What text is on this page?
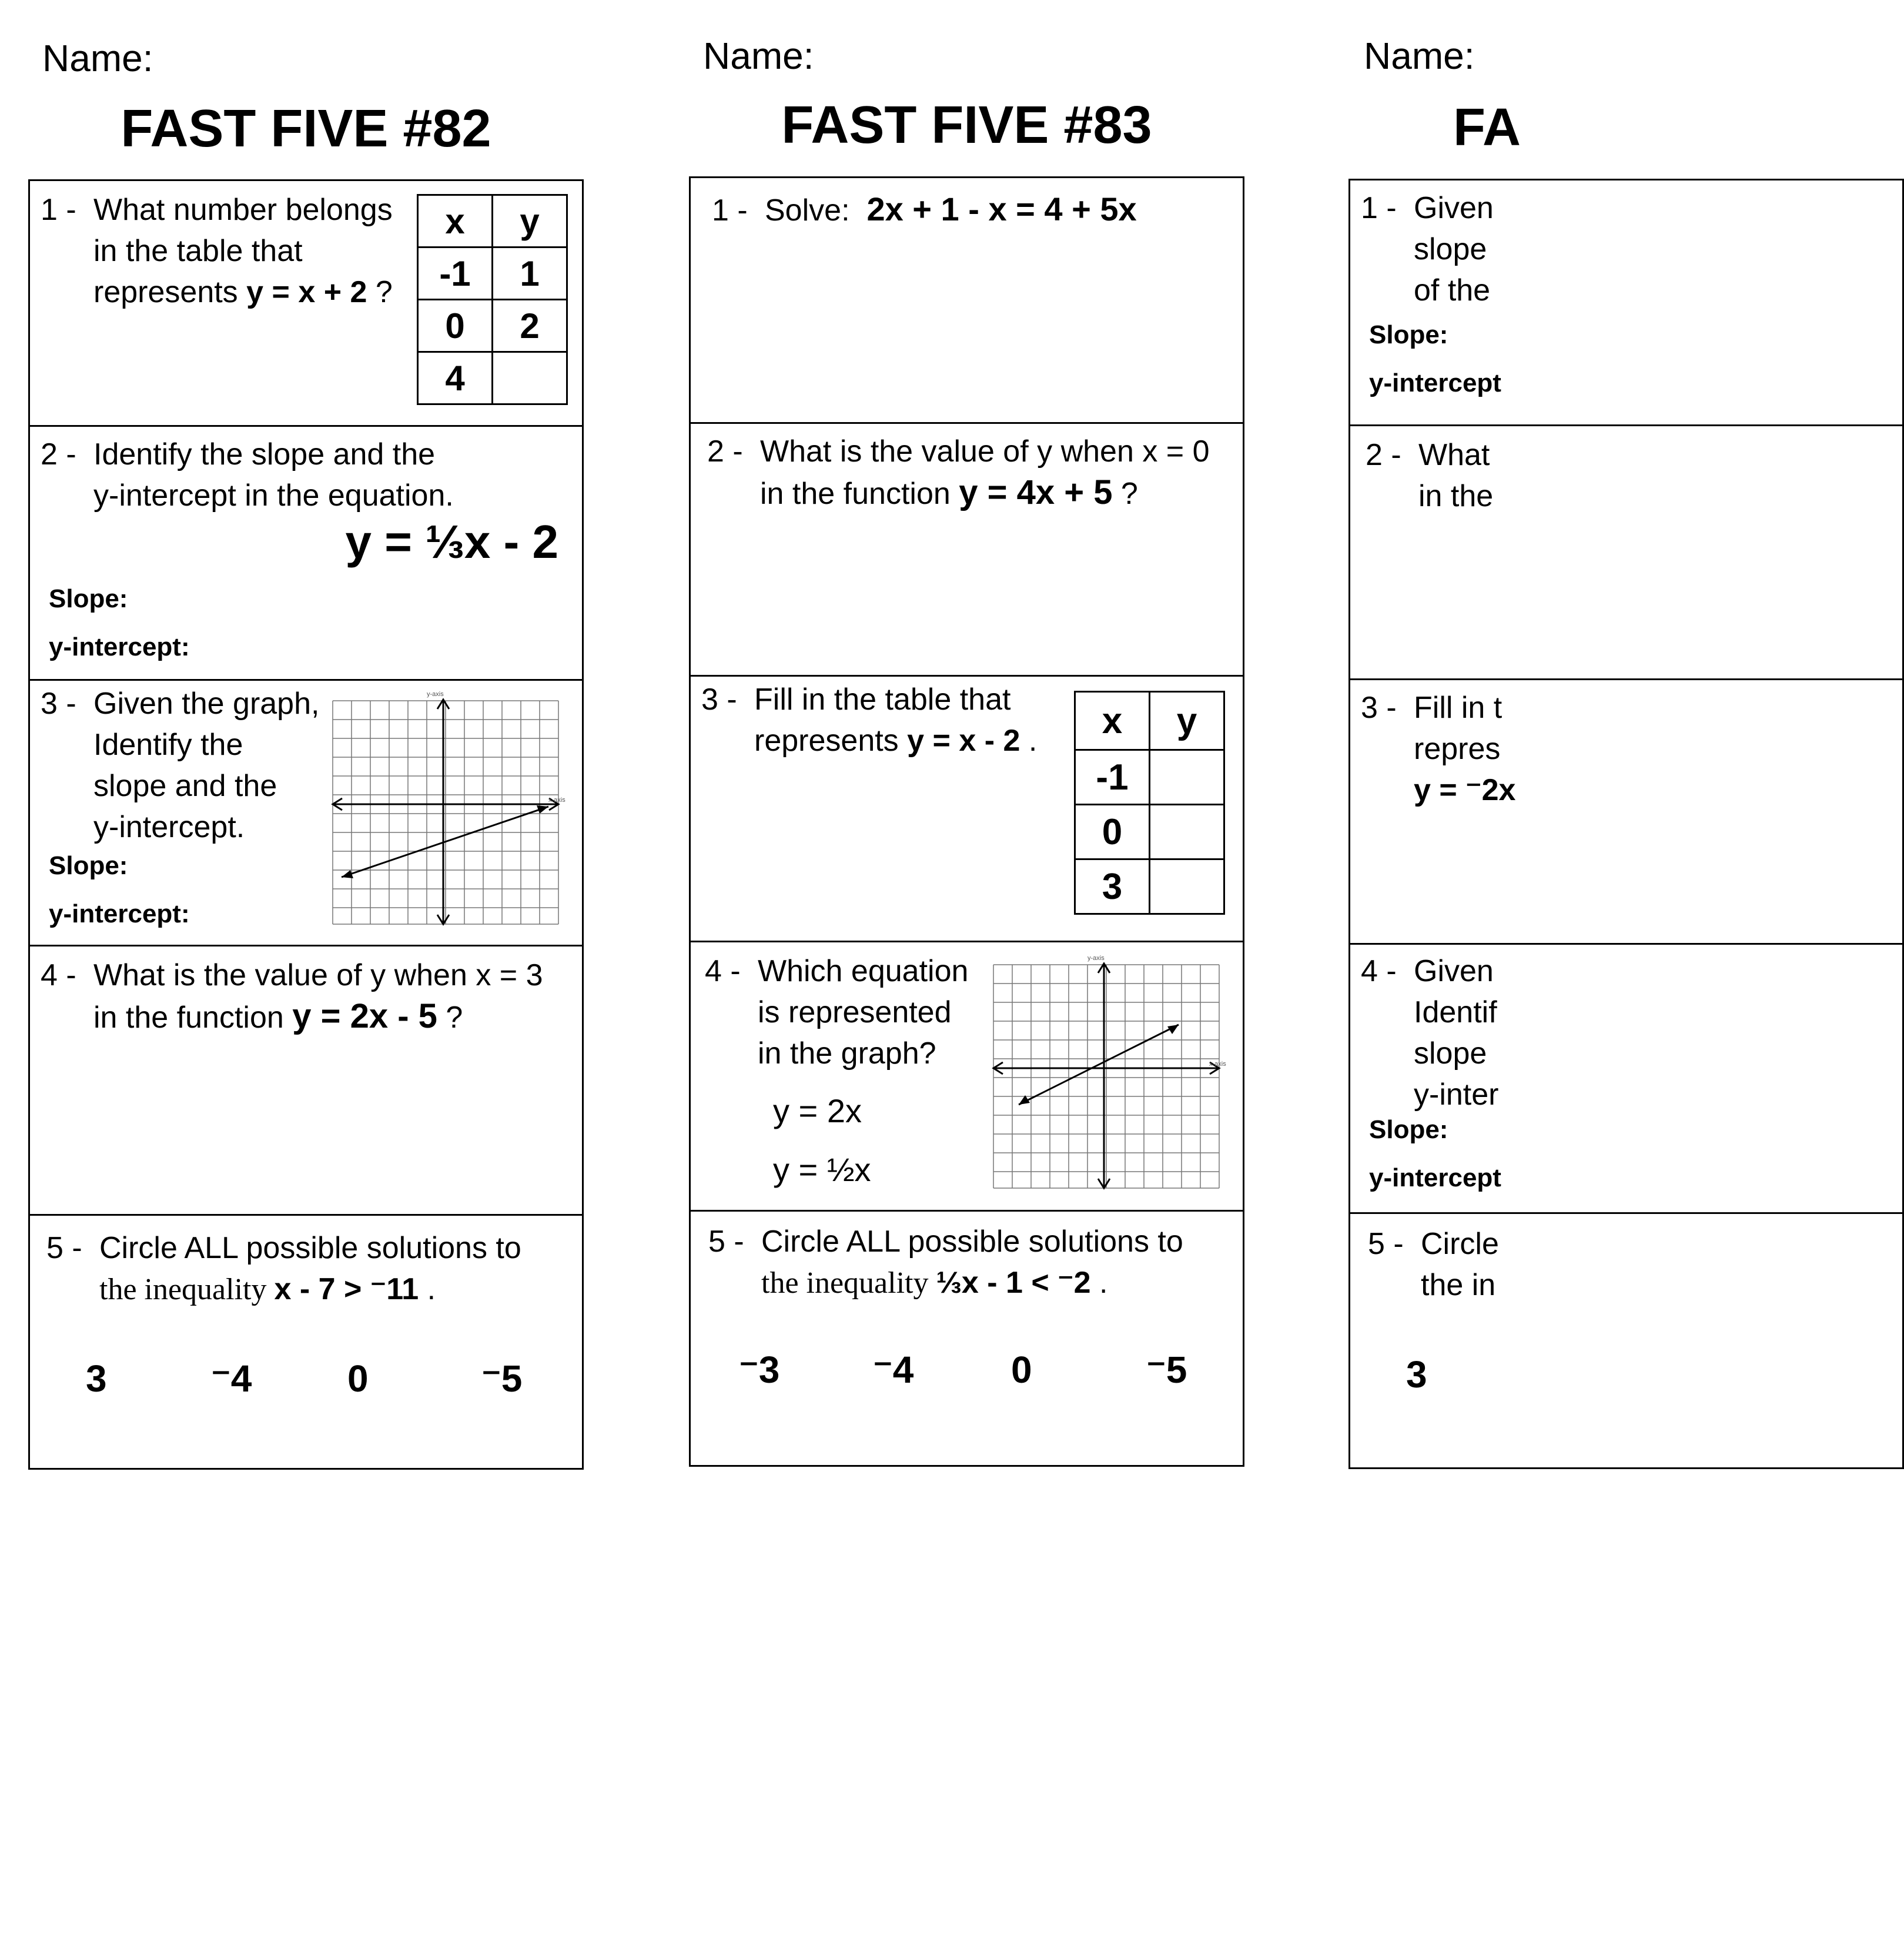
Name:
FAST FIVE #82
1 - What number belongs
in the table that
represents y = x + 2 ?
x	y
-1	1
0	2
4	
2 - Identify the slope and the
y-intercept in the equation.
y = ⅓x - 2
Slope:
y-intercept:
3 - Given the graph,
Identify the
slope and the
y-intercept.
Slope:
y-intercept:
y-axis
x-axis
4 - What is the value of y when x = 3
in the function y = 2x - 5 ?
5 - Circle ALL possible solutions to
the inequality x - 7 > ⁻11 .
3	⁻4	0	⁻5
Name:
FAST FIVE #83
1 - Solve:  2x + 1 - x = 4 + 5x
2 - What is the value of y when x = 0
in the function y = 4x + 5 ?
3 - Fill in the table that
represents y = x - 2 . x	y
-1	
0	
3	
4 - Which equation
is represented
in the graph?
y = 2x
y = ½x
y-axis
x-axis
5 - Circle ALL possible solutions to
the inequality ⅓x - 1 < ⁻2 .
⁻3 ⁻4	0	⁻5
Name:
FA
1 - Given
slope
of the
Slope:
y-intercept
2 - What
in the
3 - Fill in t
repres
y = ⁻2x
4 - Given
Identif
slope
y-inter
Slope:
y-intercept
5 - Circle
the in
3
